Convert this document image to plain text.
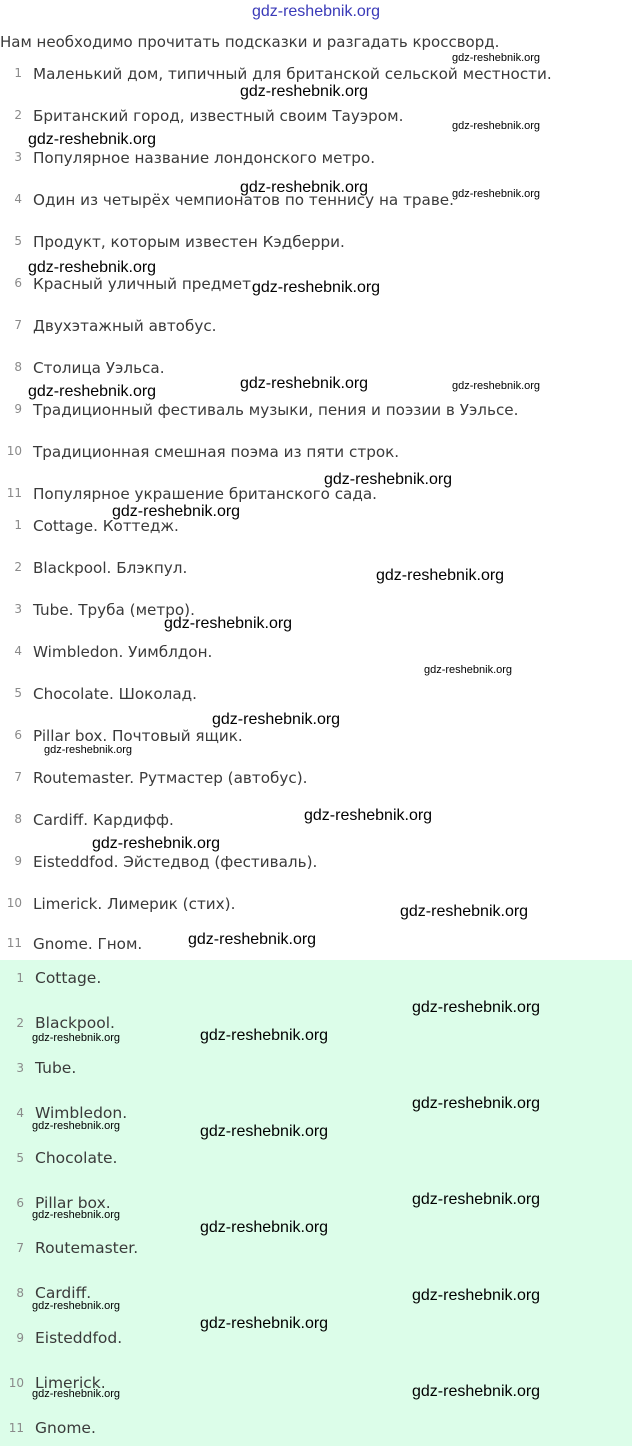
gdz-reshebnik.org
Нам необходимо прочитать подсказки и разгадать кроссворд.
1 Маленький дом, типичный для британской сельской местности.
2 Британский город, известный своим Тауэром.
3 Популярное название лондонского метро.
4 Один из четырёх чемпионатов по теннису на траве.
5 Продукт, которым известен Кэдберри.
6 Красный уличный предмет.
7 Двухэтажный автобус.
8 Столица Уэльса.
9 Традиционный фестиваль музыки, пения и поэзии в Уэльсе.
10 Традиционная смешная поэма из пяти строк.
11 Популярное украшение британского сада.
1 Cottage. Коттедж.
2 Blackpool. Блэкпул.
3 Tube. Труба (метро).
4 Wimbledon. Уимблдон.
5 Chocolate. Шоколад.
6 Pillar box. Почтовый ящик.
7 Routemaster. Рутмастер (автобус).
8 Cardiff. Кардифф.
9 Eisteddfod. Эйстедвод (фестиваль).
10 Limerick. Лимерик (стих).
11 Gnome. Гном.
1 Cottage.
2 Blackpool.
3 Tube.
4 Wimbledon.
5 Chocolate.
6 Pillar box.
7 Routemaster.
8 Cardiff.
9 Eisteddfod.
10 Limerick.
11 Gnome.
gdz-reshebnik.org
gdz-reshebnik.org
gdz-reshebnik.org
gdz-reshebnik.org
gdz-reshebnik.org	gdz-reshebnik.org
gdz-reshebnik.org
gdz-reshebnik.org
gdz-reshebnik.org	gdz-reshebnik.org	gdz-reshebnik.org
gdz-reshebnik.org
gdz-reshebnik.org
gdz-reshebnik.org
gdz-reshebnik.org
gdz-reshebnik.org
gdz-reshebnik.org
gdz-reshebnik.org
gdz-reshebnik.org
gdz-reshebnik.org
gdz-reshebnik.org
gdz-reshebnik.org
gdz-reshebnik.org
gdz-reshebnik.org	gdz-reshebnik.org
gdz-reshebnik.org
gdz-reshebnik.org	gdz-reshebnik.org
gdz-reshebnik.org
gdz-reshebnik.org
gdz-reshebnik.org
gdz-reshebnik.org
gdz-reshebnik.org
gdz-reshebnik.org
gdz-reshebnik.org
gdz-reshebnik.org
